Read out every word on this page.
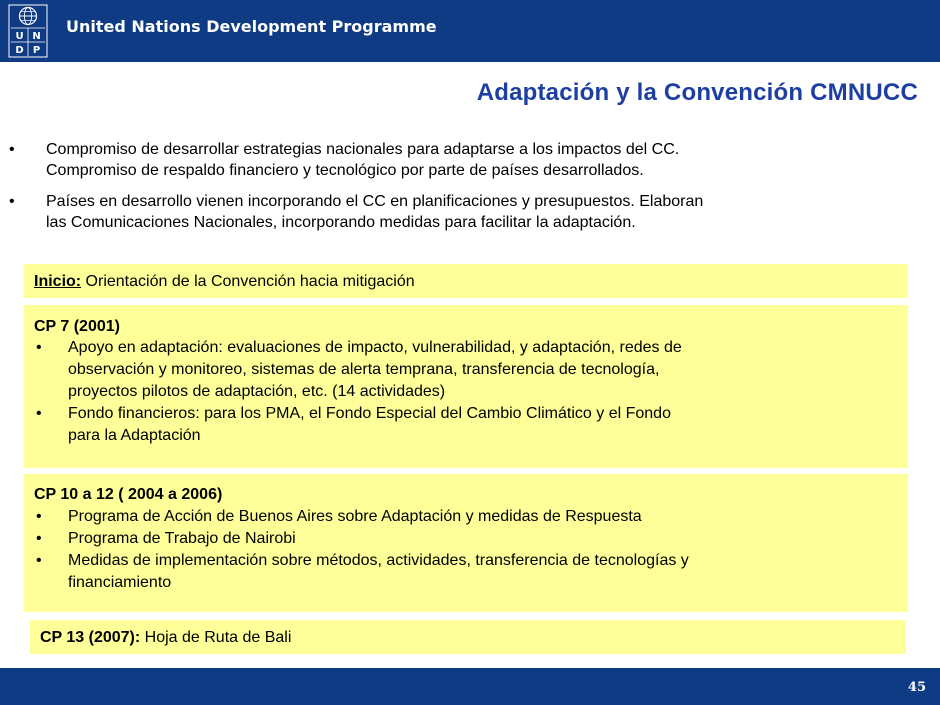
U N
D P
United Nations Development Programme
Adaptación y la Convención CMNUCC
• Compromiso de desarrollar estrategias nacionales para adaptarse a los impactos del CC.
Compromiso de respaldo financiero y tecnológico por parte de países desarrollados.
• Países en desarrollo vienen incorporando el CC en planificaciones y presupuestos. Elaboran
las Comunicaciones Nacionales, incorporando medidas para facilitar la adaptación.
Inicio: Orientación de la Convención hacia mitigación
CP 7 (2001)
• Apoyo en adaptación: evaluaciones de impacto, vulnerabilidad, y adaptación, redes de
observación y monitoreo, sistemas de alerta temprana, transferencia de tecnología,
proyectos pilotos de adaptación, etc. (14 actividades)
• Fondo financieros: para los PMA, el Fondo Especial del Cambio Climático y el Fondo
para la Adaptación
CP 10 a 12 ( 2004 a 2006)
• Programa de Acción de Buenos Aires sobre Adaptación y medidas de Respuesta
• Programa de Trabajo de Nairobi
• Medidas de implementación sobre métodos, actividades, transferencia de tecnologías y
financiamiento
CP 13 (2007): Hoja de Ruta de Bali
45
